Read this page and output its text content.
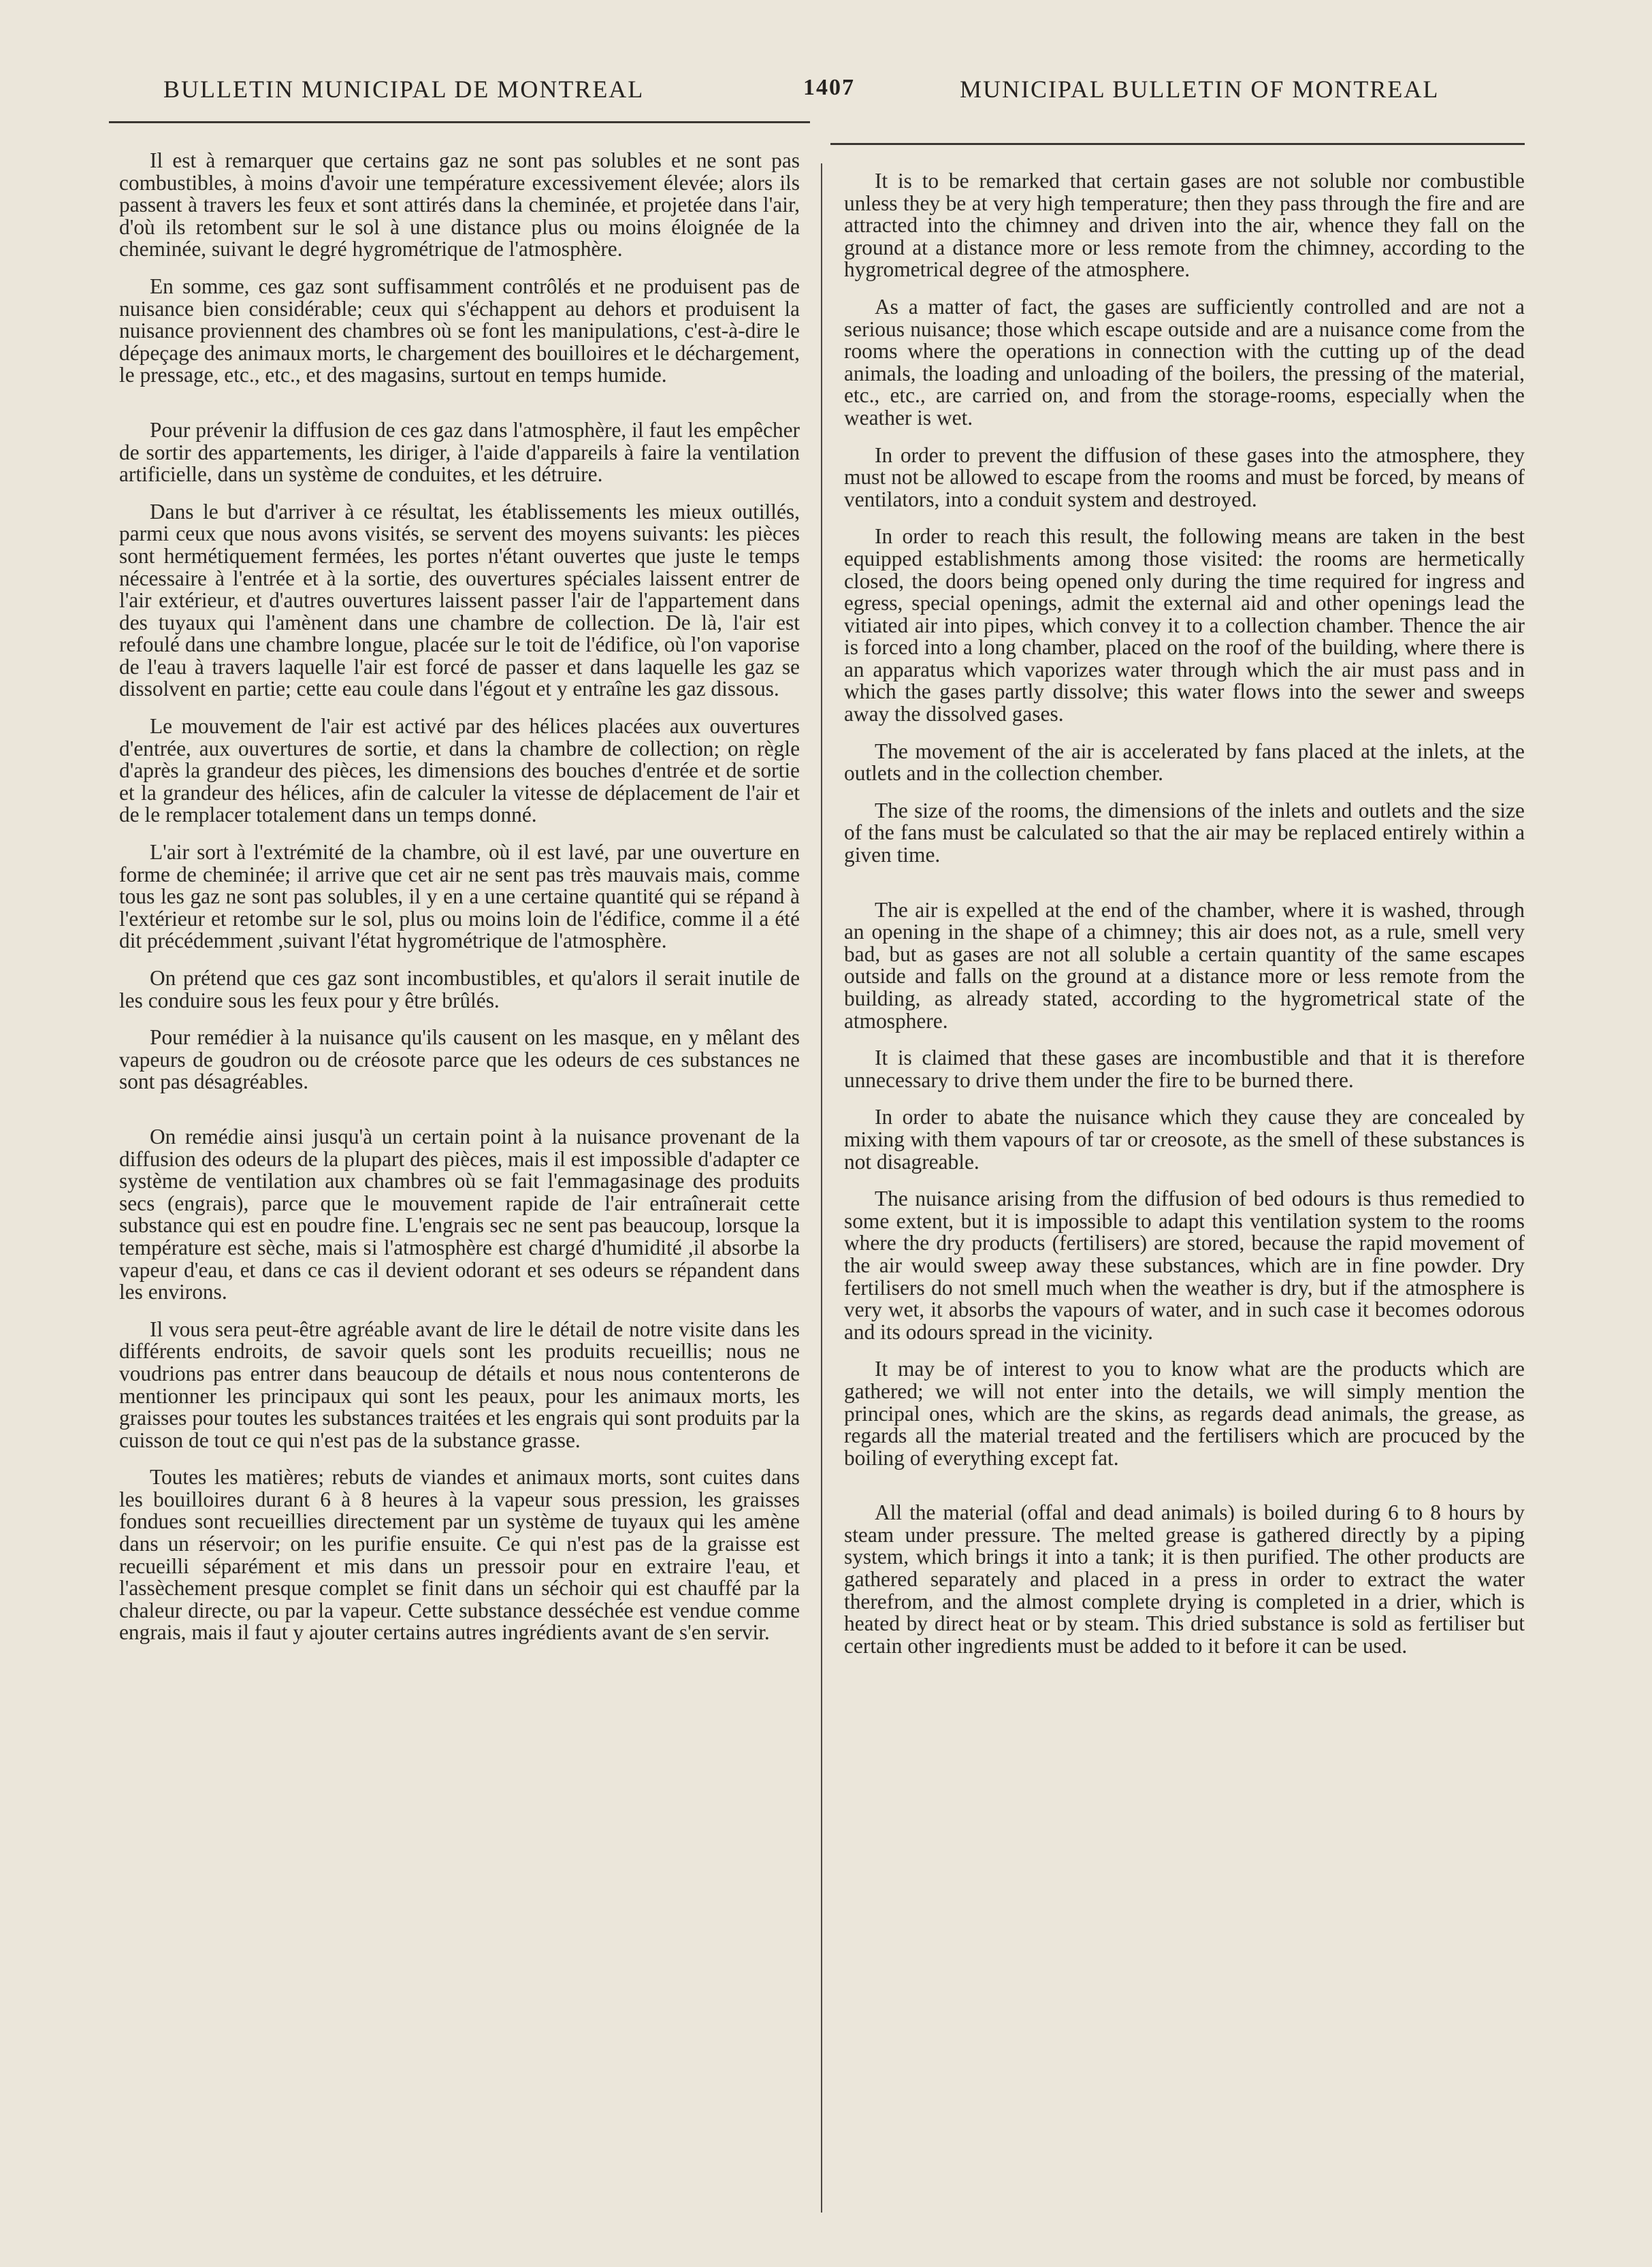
BULLETIN MUNICIPAL DE MONTREAL	1407	MUNICIPAL BULLETIN OF MONTREAL

Il est à remarquer que certains gaz ne sont pas solubles et ne sont pas combustibles, à moins d'avoir une température excessivement élevée; alors ils passent à travers les feux et sont attirés dans la cheminée, et projetée dans l'air, d'où ils retombent sur le sol à une distance plus ou moins éloignée de la cheminée, suivant le degré hygrométrique de l'atmosphère.

En somme, ces gaz sont suffisamment contrôlés et ne produisent pas de nuisance bien considérable; ceux qui s'échappent au dehors et produisent la nuisance proviennent des chambres où se font les manipulations, c'est-à-dire le dépeçage des animaux morts, le chargement des bouilloires et le déchargement, le pressage, etc., etc., et des magasins, surtout en temps humide.

Pour prévenir la diffusion de ces gaz dans l'atmosphère, il faut les empêcher de sortir des appartements, les diriger, à l'aide d'appareils à faire la ventilation artificielle, dans un système de conduites, et les détruire.

Dans le but d'arriver à ce résultat, les établissements les mieux outillés, parmi ceux que nous avons visités, se servent des moyens suivants: les pièces sont hermétiquement fermées, les portes n'étant ouvertes que juste le temps nécessaire à l'entrée et à la sortie, des ouvertures spéciales laissent entrer de l'air extérieur, et d'autres ouvertures laissent passer l'air de l'appartement dans des tuyaux qui l'amènent dans une chambre de collection. De là, l'air est refoulé dans une chambre longue, placée sur le toit de l'édifice, où l'on vaporise de l'eau à travers laquelle l'air est forcé de passer et dans laquelle les gaz se dissolvent en partie; cette eau coule dans l'égout et y entraîne les gaz dissous.

Le mouvement de l'air est activé par des hélices placées aux ouvertures d'entrée, aux ouvertures de sortie, et dans la chambre de collection; on règle d'après la grandeur des pièces, les dimensions des bouches d'entrée et de sortie et la grandeur des hélices, afin de calculer la vitesse de déplacement de l'air et de le remplacer totalement dans un temps donné.

L'air sort à l'extrémité de la chambre, où il est lavé, par une ouverture en forme de cheminée; il arrive que cet air ne sent pas très mauvais mais, comme tous les gaz ne sont pas solubles, il y en a une certaine quantité qui se répand à l'extérieur et retombe sur le sol, plus ou moins loin de l'édifice, comme il a été dit précédemment ,suivant l'état hygrométrique de l'atmosphère.

On prétend que ces gaz sont incombustibles, et qu'alors il serait inutile de les conduire sous les feux pour y être brûlés.

Pour remédier à la nuisance qu'ils causent on les masque, en y mêlant des vapeurs de goudron ou de créosote parce que les odeurs de ces substances ne sont pas désagréables.

On remédie ainsi jusqu'à un certain point à la nuisance provenant de la diffusion des odeurs de la plupart des pièces, mais il est impossible d'adapter ce système de ventilation aux chambres où se fait l'emmagasinage des produits secs (engrais), parce que le mouvement rapide de l'air entraînerait cette substance qui est en poudre fine. L'engrais sec ne sent pas beaucoup, lorsque la température est sèche, mais si l'atmosphère est chargé d'humidité ,il absorbe la vapeur d'eau, et dans ce cas il devient odorant et ses odeurs se répandent dans les environs.

Il vous sera peut-être agréable avant de lire le détail de notre visite dans les différents endroits, de savoir quels sont les produits recueillis; nous ne voudrions pas entrer dans beaucoup de détails et nous nous contenterons de mentionner les principaux qui sont les peaux, pour les animaux morts, les graisses pour toutes les substances traitées et les engrais qui sont produits par la cuisson de tout ce qui n'est pas de la substance grasse.

Toutes les matières; rebuts de viandes et animaux morts, sont cuites dans les bouilloires durant 6 à 8 heures à la vapeur sous pression, les graisses fondues sont recueillies directement par un système de tuyaux qui les amène dans un réservoir; on les purifie ensuite. Ce qui n'est pas de la graisse est recueilli séparément et mis dans un pressoir pour en extraire l'eau, et l'assèchement presque complet se finit dans un séchoir qui est chauffé par la chaleur directe, ou par la vapeur. Cette substance desséchée est vendue comme engrais, mais il faut y ajouter certains autres ingrédients avant de s'en servir.

It is to be remarked that certain gases are not soluble nor combustible unless they be at very high temperature; then they pass through the fire and are attracted into the chimney and driven into the air, whence they fall on the ground at a distance more or less remote from the chimney, according to the hygrometrical degree of the atmosphere.

As a matter of fact, the gases are sufficiently controlled and are not a serious nuisance; those which escape outside and are a nuisance come from the rooms where the operations in connection with the cutting up of the dead animals, the loading and unloading of the boilers, the pressing of the material, etc., etc., are carried on, and from the storage-rooms, especially when the weather is wet.

In order to prevent the diffusion of these gases into the atmosphere, they must not be allowed to escape from the rooms and must be forced, by means of ventilators, into a conduit system and destroyed.

In order to reach this result, the following means are taken in the best equipped establishments among those visited: the rooms are hermetically closed, the doors being opened only during the time required for ingress and egress, special openings, admit the external aid and other openings lead the vitiated air into pipes, which convey it to a collection chamber. Thence the air is forced into a long chamber, placed on the roof of the building, where there is an apparatus which vaporizes water through which the air must pass and in which the gases partly dissolve; this water flows into the sewer and sweeps away the dissolved gases.

The movement of the air is accelerated by fans placed at the inlets, at the outlets and in the collection chember.

The size of the rooms, the dimensions of the inlets and outlets and the size of the fans must be calculated so that the air may be replaced entirely within a given time.

The air is expelled at the end of the chamber, where it is washed, through an opening in the shape of a chimney; this air does not, as a rule, smell very bad, but as gases are not all soluble a certain quantity of the same escapes outside and falls on the ground at a distance more or less remote from the building, as already stated, according to the hygrometrical state of the atmosphere.

It is claimed that these gases are incombustible and that it is therefore unnecessary to drive them under the fire to be burned there.

In order to abate the nuisance which they cause they are concealed by mixing with them vapours of tar or creosote, as the smell of these substances is not disagreable.

The nuisance arising from the diffusion of bed odours is thus remedied to some extent, but it is impossible to adapt this ventilation system to the rooms where the dry products (fertilisers) are stored, because the rapid movement of the air would sweep away these substances, which are in fine powder. Dry fertilisers do not smell much when the weather is dry, but if the atmosphere is very wet, it absorbs the vapours of water, and in such case it becomes odorous and its odours spread in the vicinity.

It may be of interest to you to know what are the products which are gathered; we will not enter into the details, we will simply mention the principal ones, which are the skins, as regards dead animals, the grease, as regards all the material treated and the fertilisers which are procuced by the boiling of everything except fat.

All the material (offal and dead animals) is boiled during 6 to 8 hours by steam under pressure. The melted grease is gathered directly by a piping system, which brings it into a tank; it is then purified. The other products are gathered separately and placed in a press in order to extract the water therefrom, and the almost complete drying is completed in a drier, which is heated by direct heat or by steam. This dried substance is sold as fertiliser but certain other ingredients must be added to it before it can be used.
